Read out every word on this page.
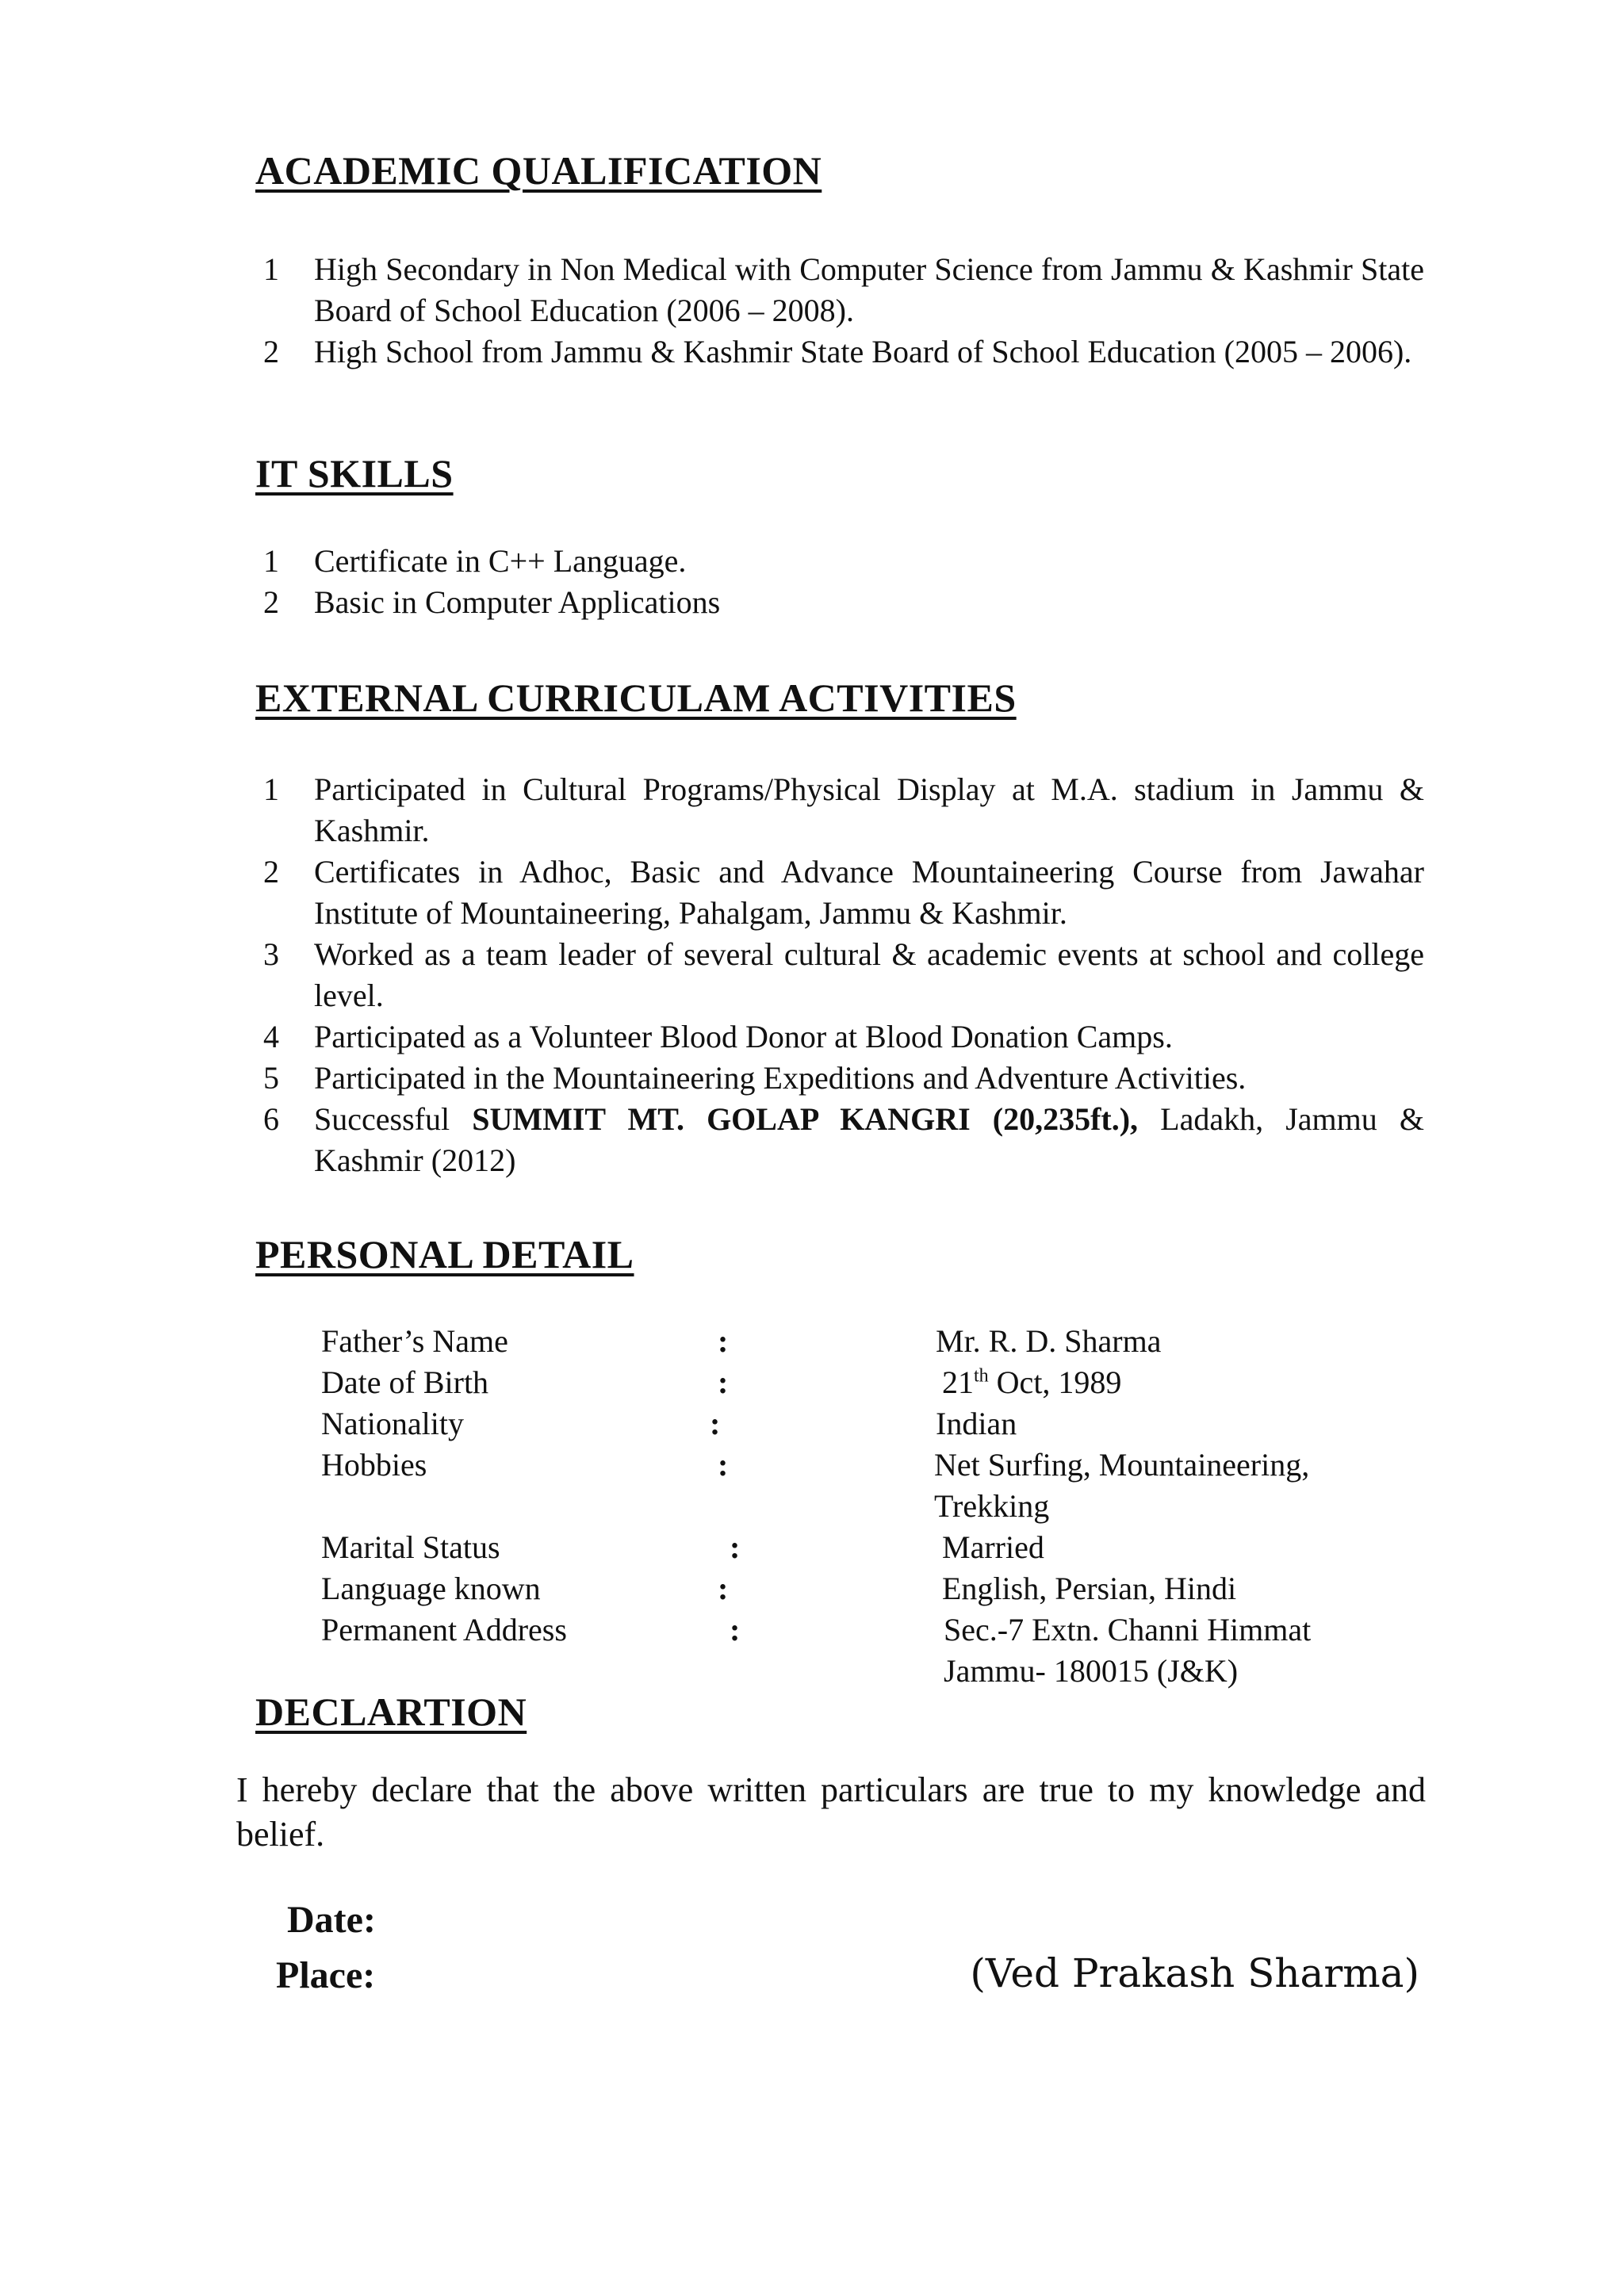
ACADEMIC QUALIFICATION
1 High Secondary in Non Medical with Computer Science from Jammu & Kashmir State Board of School Education (2006 – 2008).
2 High School from Jammu & Kashmir State Board of School Education (2005 – 2006).
IT SKILLS
1 Certificate in C++ Language.
2 Basic in Computer Applications
EXTERNAL CURRICULAM ACTIVITIES
1 Participated in Cultural Programs/Physical Display at M.A. stadium in Jammu & Kashmir.
2 Certificates in Adhoc, Basic and Advance Mountaineering Course from Jawahar Institute of Mountaineering, Pahalgam, Jammu & Kashmir.
3 Worked as a team leader of several cultural & academic events at school and college level.
4 Participated as a Volunteer Blood Donor at Blood Donation Camps.
5 Participated in the Mountaineering Expeditions and Adventure Activities.
6 Successful SUMMIT MT. GOLAP KANGRI (20,235ft.), Ladakh, Jammu & Kashmir (2012)
PERSONAL DETAIL
Father’s Name	:	Mr. R. D. Sharma
Date of Birth	:	21th Oct, 1989
Nationality	:	Indian
Hobbies	:	Net Surfing, Mountaineering, Trekking
Marital Status	:	Married
Language known	:	English, Persian, Hindi
Permanent Address	:	Sec.-7 Extn. Channi Himmat
Jammu- 180015 (J&K)
DECLARTION

I hereby declare that the above written particulars are true to my knowledge and belief.

Date:
Place:	(Ved Prakash Sharma)
